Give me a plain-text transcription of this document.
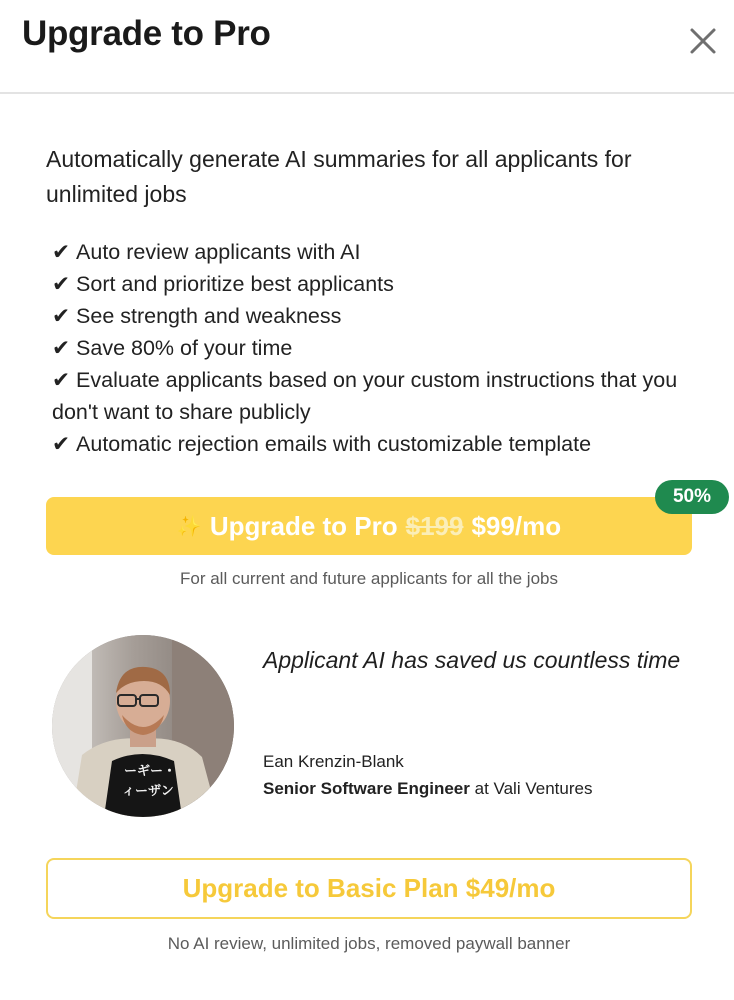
Upgrade to Pro
Automatically generate AI summaries for all applicants for unlimited jobs
✔ Auto review applicants with AI
✔ Sort and prioritize best applicants
✔ See strength and weakness
✔ Save 80% of your time
✔ Evaluate applicants based on your custom instructions that you don't want to share publicly
✔ Automatic rejection emails with customizable template
✨ Upgrade to Pro $199 $99/mo
50%
For all current and future applicants for all the jobs
ーギー・
ィーザン
Applicant AI has saved us countless time
Ean Krenzin-Blank
Senior Software Engineer at Vali Ventures
Upgrade to Basic Plan $49/mo
No AI review, unlimited jobs, removed paywall banner
